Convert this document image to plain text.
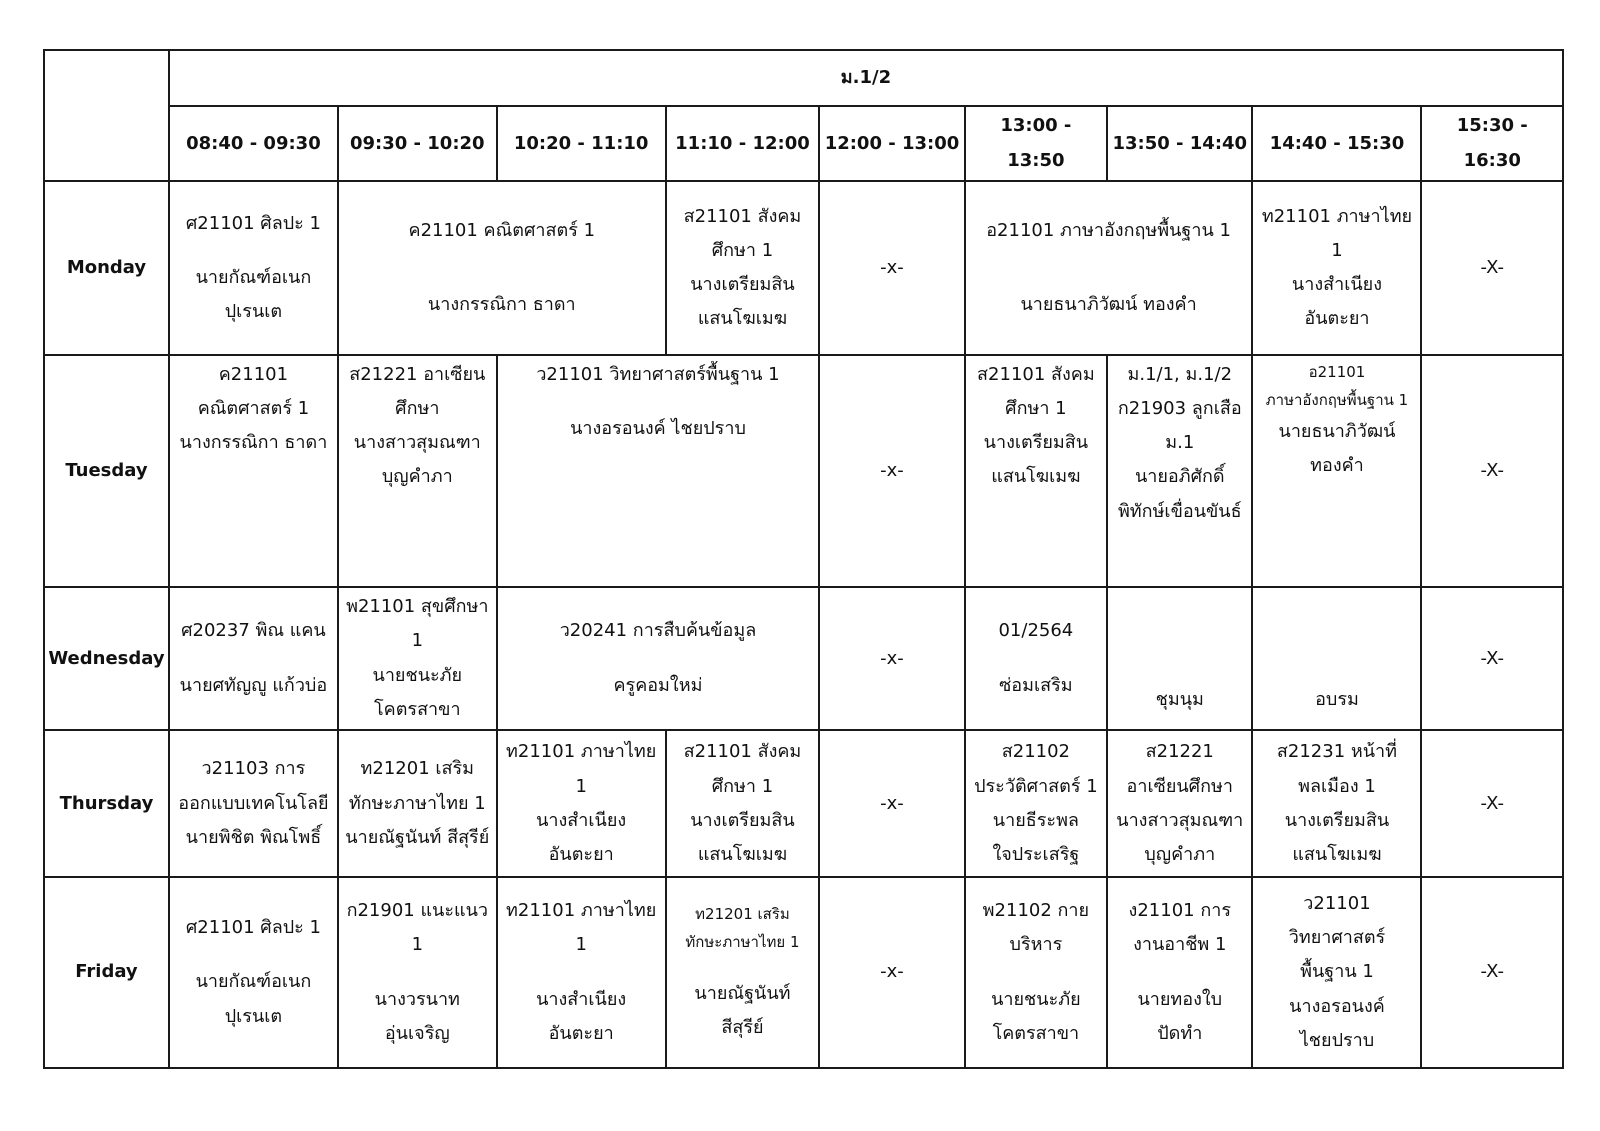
	ม.1/2								
	08:40 - 09:30	09:30 - 10:20	10:20 - 11:10	11:10 - 12:00	12:00 - 13:00	13:00 - 13:50	13:50 - 14:40	14:40 - 15:30	15:30 - 16:30
Monday	ศ21101 ศิลปะ 1
นายกัณฑ์อเนก
ปุเรนเต	ค21101 คณิตศาสตร์ 1
นางกรรณิกา ธาดา		ส21101 สังคม
ศึกษา 1
นางเตรียมสิน
แสนโฆเมฆ	-x-	อ21101 ภาษาอังกฤษพื้นฐาน 1
นายธนาภิวัฒน์ ทองคำ		ท21101 ภาษาไทย
1
นางสำเนียง
อันตะยา	-X-
Tuesday	ค21101
คณิตศาสตร์ 1
นางกรรณิกา ธาดา	ส21221 อาเซียน
ศึกษา
นางสาวสุมณฑา
บุญคำภา	ว21101 วิทยาศาสตร์พื้นฐาน 1
นางอรอนงค์ ไชยปราบ		-x-	ส21101 สังคม
ศึกษา 1
นางเตรียมสิน
แสนโฆเมฆ	ม.1/1, ม.1/2
ก21903 ลูกเสือ
ม.1
นายอภิศักดิ์
พิทักษ์เขื่อนขันธ์	อ21101
ภาษาอังกฤษพื้นฐาน 1
นายธนาภิวัฒน์
ทองคำ	-X-
Wednesday	ศ20237 พิณ แคน
นายศทัญญู แก้วบ่อ	พ21101 สุขศึกษา
1
นายชนะภัย
โคตรสาขา	ว20241 การสืบค้นข้อมูล
ครูคอมใหม่		-x-	01/2564
ซ่อมเสริม	ชุมนุม	อบรม	-X-
Thursday	ว21103 การ
ออกแบบเทคโนโลยี
นายพิชิต พิณโพธิ์	ท21201 เสริม
ทักษะภาษาไทย 1
นายณัฐนันท์ สีสุรีย์	ท21101 ภาษาไทย
1
นางสำเนียง
อันตะยา	ส21101 สังคม
ศึกษา 1
นางเตรียมสิน
แสนโฆเมฆ	-x-	ส21102
ประวัติศาสตร์ 1
นายธีระพล
ใจประเสริฐ	ส21221
อาเซียนศึกษา
นางสาวสุมณฑา
บุญคำภา	ส21231 หน้าที่
พลเมือง 1
นางเตรียมสิน
แสนโฆเมฆ	-X-
Friday	ศ21101 ศิลปะ 1
นายกัณฑ์อเนก
ปุเรนเต	ก21901 แนะแนว
1
นางวรนาท
อุ่นเจริญ	ท21101 ภาษาไทย
1
นางสำเนียง
อันตะยา	ท21201 เสริม
ทักษะภาษาไทย 1
นายณัฐนันท์
สีสุรีย์	-x-	พ21102 กาย
บริหาร
นายชนะภัย
โคตรสาขา	ง21101 การ
งานอาชีพ 1
นายทองใบ
ปัดทำ	ว21101
วิทยาศาสตร์
พื้นฐาน 1
นางอรอนงค์
ไชยปราบ	-X-
